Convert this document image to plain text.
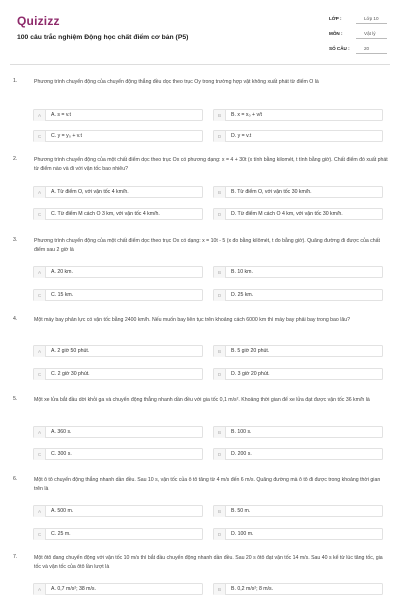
Quizizz
100 câu trắc nghiệm Động học chất điểm cơ bản (P5)
LỚP :	Lớp 10
MÔN :	Vật lý
SỐ CÂU :	20
1.	Phương trình chuyển động của chuyển động thẳng đều dọc theo trục Oy trong trường hợp vật không xuất phát từ điểm O là
A	A. s = v.t	B	B. x = x₀ + v/t
C	C. y = y₀ + v.t	D	D. y = v.t
2.	Phương trình chuyển động của một chất điểm dọc theo trục Ox có phương dạng: x = 4 + 30t (x tính bằng kilomét, t tính bằng giờ). Chất điểm đó xuất phát từ điểm nào và đi với vận tốc bao nhiêu?
A	A. Từ điểm O, với vận tốc 4 km/h.	B	B. Từ điểm O, với vận tốc 30 km/h.
C	C. Từ điểm M cách O 3 km, với vận tốc 4 km/h.	D	D. Từ điểm M cách O 4 km, với vận tốc 30 km/h.
3.	Phương trình chuyển động của một chất điểm dọc theo trục Ox có dạng: x = 10t - 5 (x đo bằng kilômét, t đo bằng giờ). Quãng đường đi được của chất điểm sau 2 giờ là
A	A. 20 km.	B	B. 10 km.
C	C. 15 km.	D	D. 25 km.
4.	Một máy bay phản lực có vận tốc bằng 2400 km/h. Nếu muốn bay liên tục trên khoảng cách 6000 km thì máy bay phải bay trong bao lâu?
A	A. 2 giờ 50 phút.	B	B. 5 giờ 20 phút.
C	C. 2 giờ 30 phút.	D	D. 3 giờ 20 phút.
5.	Một xe lửa bắt đầu dời khỏi ga và chuyển động thẳng nhanh dần đều với gia tốc 0,1 m/s². Khoảng thời gian để xe lửa đạt được vận tốc 36 km/h là
A	A. 360 s.	B	B. 100 s.
C	C. 300 s.	D	D. 200 s.
6.	Một ô tô chuyển động thẳng nhanh dần đều. Sau 10 s, vận tốc của ô tô tăng từ 4 m/s đến 6 m/s. Quãng đường mà ô tô đi được trong khoảng thời gian trên là
A	A. 500 m.	B	B. 50 m.
C	C. 25 m.	D	D. 100 m.
7.	Một ôtô đang chuyển động với vận tốc 10 m/s thì bắt đầu chuyển động nhanh dần đều. Sau 20 s ôtô đạt vận tốc 14 m/s. Sau 40 s kể từ lúc tăng tốc, gia tốc và vận tốc của ôtô lần lượt là
A	A. 0,7 m/s²; 38 m/s.	B	B. 0,2 m/s²; 8 m/s.
